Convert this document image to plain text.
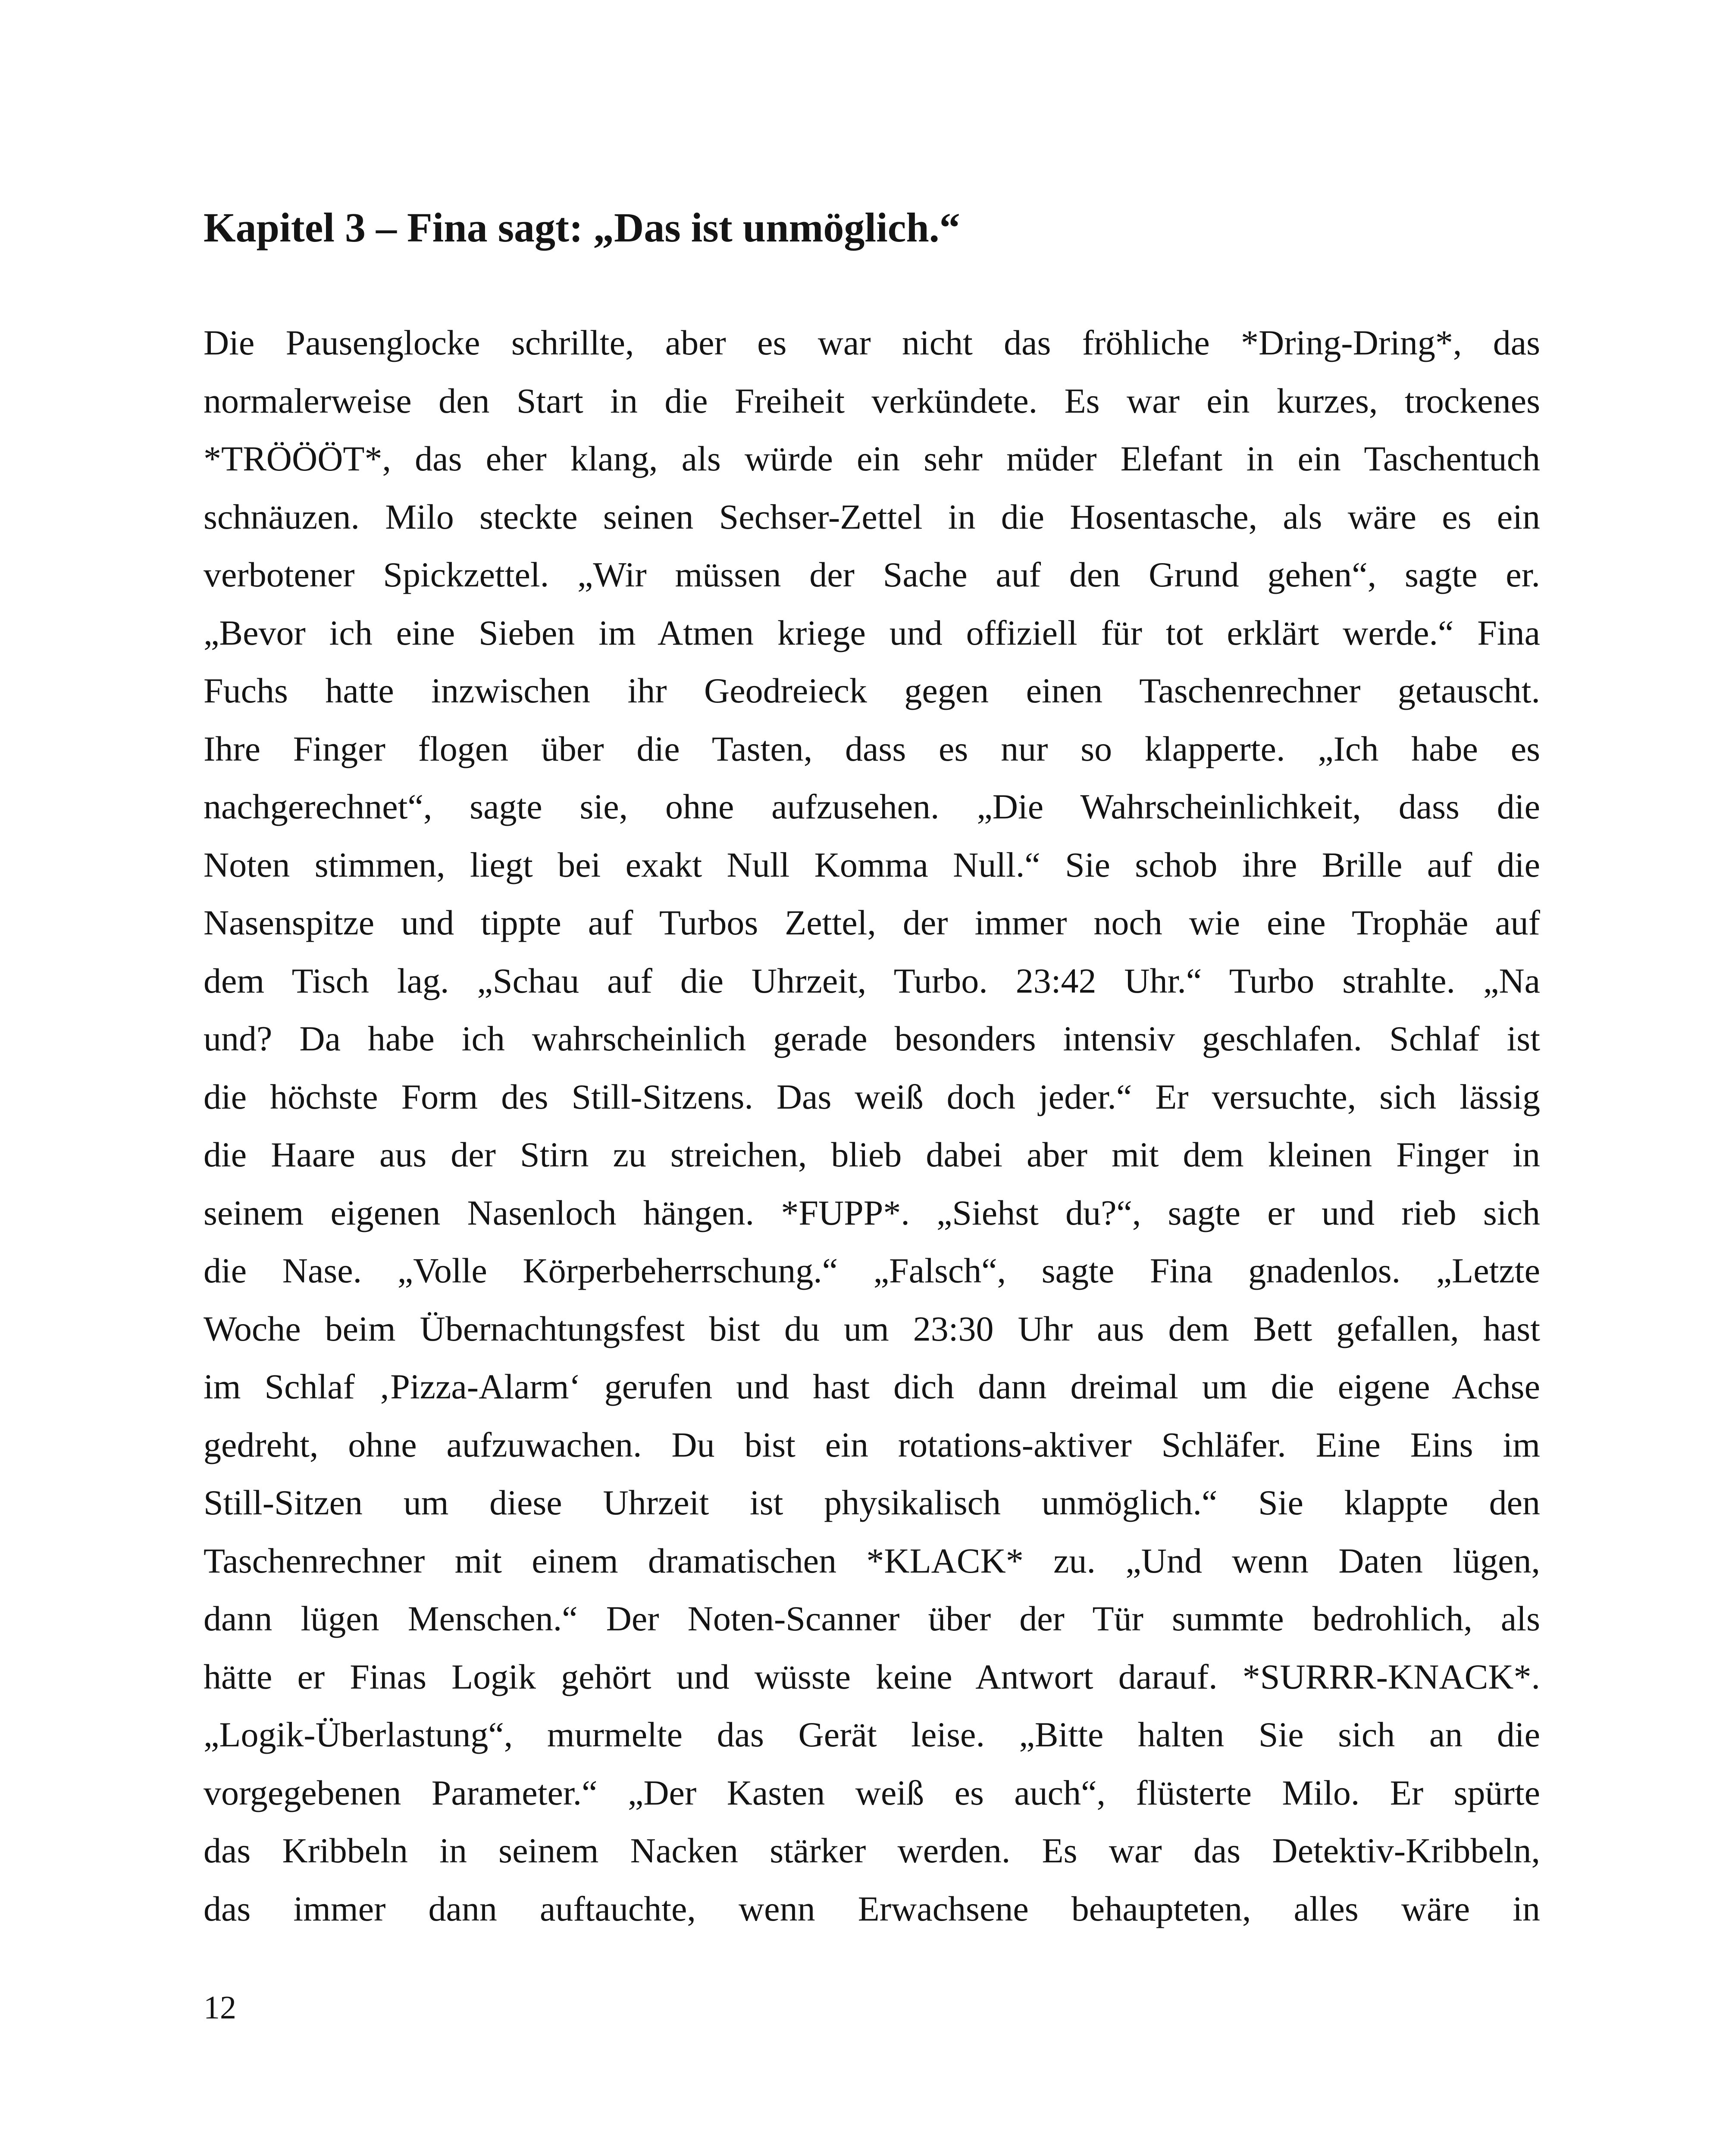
Kapitel 3 – Fina sagt: „Das ist unmöglich.“
Die Pausenglocke schrillte, aber es war nicht das fröhliche *Dring-Dring*, das
normalerweise den Start in die Freiheit verkündete. Es war ein kurzes, trockenes
*TRÖÖÖT*, das eher klang, als würde ein sehr müder Elefant in ein Taschentuch
schnäuzen. Milo steckte seinen Sechser-Zettel in die Hosentasche, als wäre es ein
verbotener Spickzettel. „Wir müssen der Sache auf den Grund gehen“, sagte er.
„Bevor ich eine Sieben im Atmen kriege und offiziell für tot erklärt werde.“ Fina
Fuchs hatte inzwischen ihr Geodreieck gegen einen Taschenrechner getauscht.
Ihre Finger flogen über die Tasten, dass es nur so klapperte. „Ich habe es
nachgerechnet“, sagte sie, ohne aufzusehen. „Die Wahrscheinlichkeit, dass die
Noten stimmen, liegt bei exakt Null Komma Null.“ Sie schob ihre Brille auf die
Nasenspitze und tippte auf Turbos Zettel, der immer noch wie eine Trophäe auf
dem Tisch lag. „Schau auf die Uhrzeit, Turbo. 23:42 Uhr.“ Turbo strahlte. „Na
und? Da habe ich wahrscheinlich gerade besonders intensiv geschlafen. Schlaf ist
die höchste Form des Still-Sitzens. Das weiß doch jeder.“ Er versuchte, sich lässig
die Haare aus der Stirn zu streichen, blieb dabei aber mit dem kleinen Finger in
seinem eigenen Nasenloch hängen. *FUPP*. „Siehst du?“, sagte er und rieb sich
die Nase. „Volle Körperbeherrschung.“ „Falsch“, sagte Fina gnadenlos. „Letzte
Woche beim Übernachtungsfest bist du um 23:30 Uhr aus dem Bett gefallen, hast
im Schlaf ‚Pizza-Alarm‘ gerufen und hast dich dann dreimal um die eigene Achse
gedreht, ohne aufzuwachen. Du bist ein rotations-aktiver Schläfer. Eine Eins im
Still-Sitzen um diese Uhrzeit ist physikalisch unmöglich.“ Sie klappte den
Taschenrechner mit einem dramatischen *KLACK* zu. „Und wenn Daten lügen,
dann lügen Menschen.“ Der Noten-Scanner über der Tür summte bedrohlich, als
hätte er Finas Logik gehört und wüsste keine Antwort darauf. *SURRR-KNACK*.
„Logik-Überlastung“, murmelte das Gerät leise. „Bitte halten Sie sich an die
vorgegebenen Parameter.“ „Der Kasten weiß es auch“, flüsterte Milo. Er spürte
das Kribbeln in seinem Nacken stärker werden. Es war das Detektiv-Kribbeln,
das immer dann auftauchte, wenn Erwachsene behaupteten, alles wäre in
12
